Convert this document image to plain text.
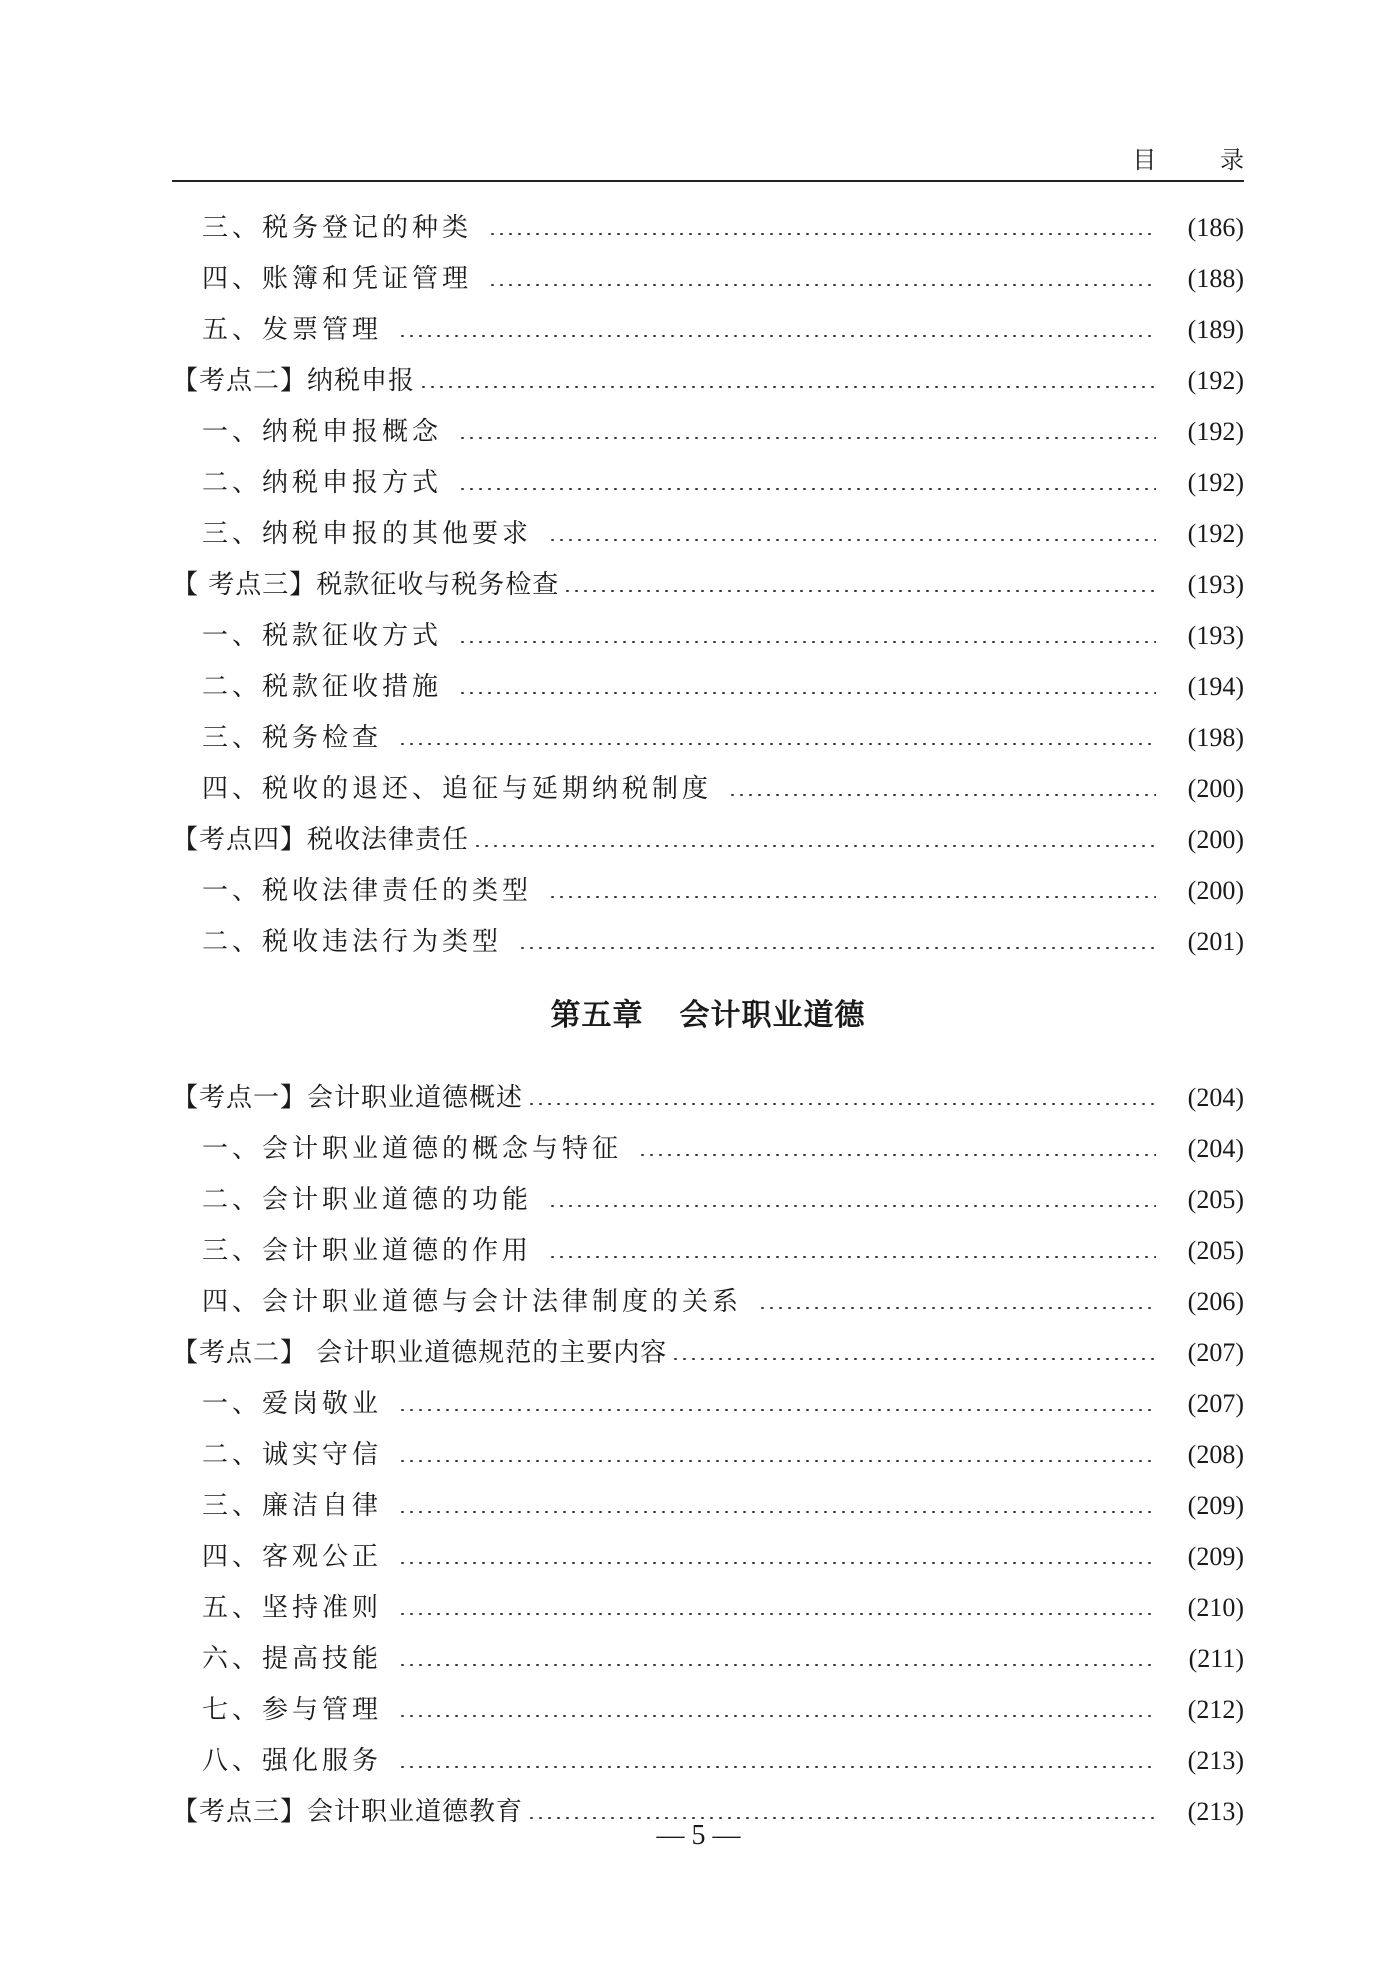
目 录
三、税务登记的种类	(186)
四、账簿和凭证管理	(188)
五、发票管理	(189)
【考点二】纳税申报	(192)
一、纳税申报概念	(192)
二、纳税申报方式	(192)
三、纳税申报的其他要求	(192)
【 考点三】税款征收与税务检查	(193)
一、税款征收方式	(193)
二、税款征收措施	(194)
三、税务检查	(198)
四、税收的退还、追征与延期纳税制度	(200)
【考点四】税收法律责任	(200)
一、税收法律责任的类型	(200)
二、税收违法行为类型	(201)
第五章 会计职业道德
【考点一】会计职业道德概述	(204)
一、会计职业道德的概念与特征	(204)
二、会计职业道德的功能	(205)
三、会计职业道德的作用	(205)
四、会计职业道德与会计法律制度的关系	(206)
【考点二】 会计职业道德规范的主要内容	(207)
一、爱岗敬业	(207)
二、诚实守信	(208)
三、廉洁自律	(209)
四、客观公正	(209)
五、坚持准则	(210)
六、提高技能	(211)
七、参与管理	(212)
八、强化服务	(213)
【考点三】会计职业道德教育	(213)
— 5 —
